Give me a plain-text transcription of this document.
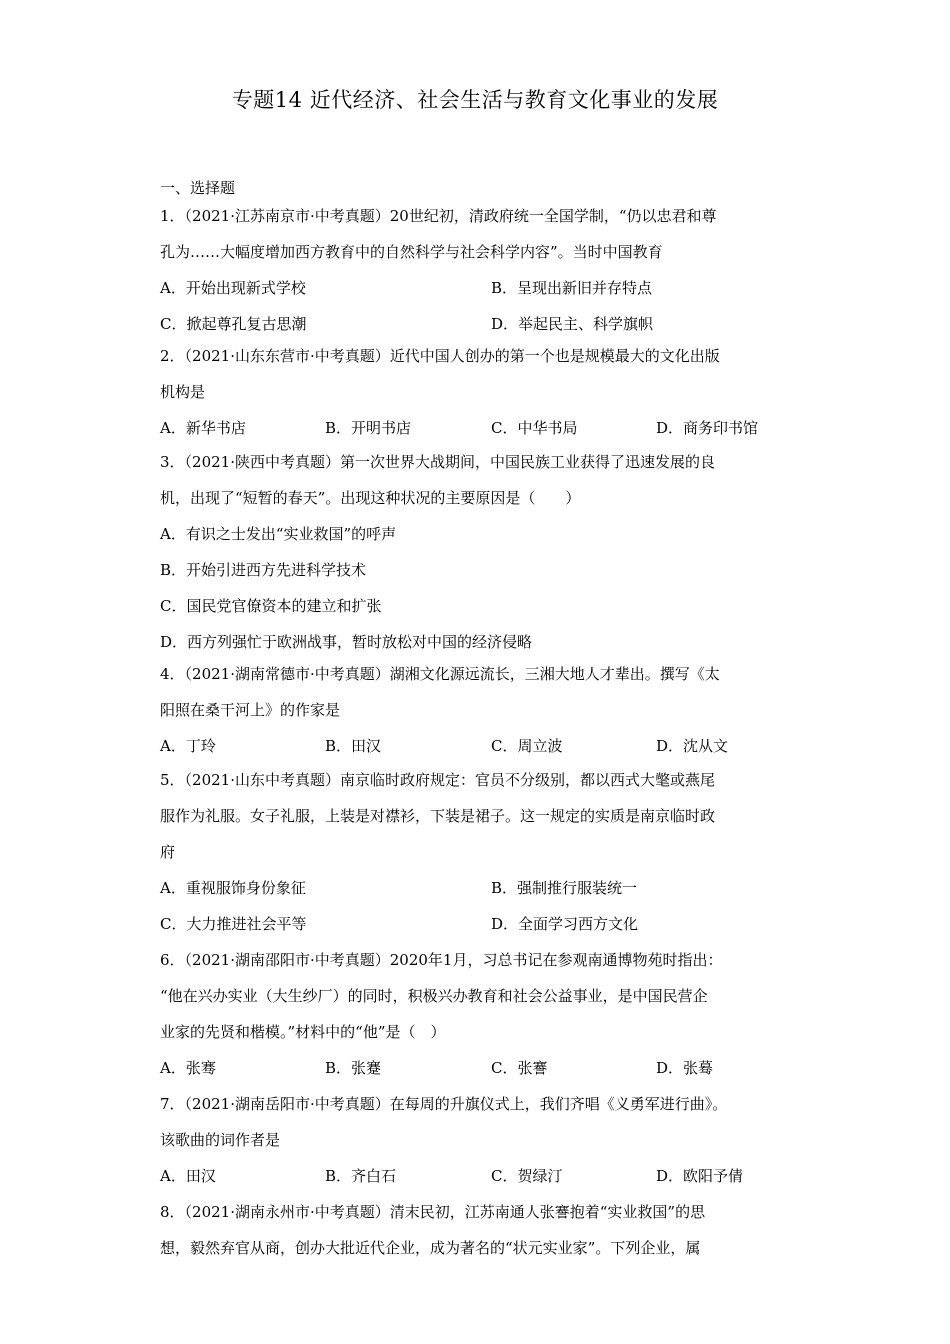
专题14 近代经济、社会生活与教育文化事业的发展
一、选择题
1．（2021·江苏南京市·中考真题）20世纪初，清政府统一全国学制，“仍以忠君和尊
孔为……大幅度增加西方教育中的自然科学与社会科学内容”。当时中国教育
A．开始出现新式学校	B．呈现出新旧并存特点
C．掀起尊孔复古思潮	D．举起民主、科学旗帜
2．（2021·山东东营市·中考真题）近代中国人创办的第一个也是规模最大的文化出版
机构是
A．新华书店	B．开明书店	C．中华书局	D．商务印书馆
3．（2021·陕西中考真题）第一次世界大战期间，中国民族工业获得了迅速发展的良
机，出现了“短暂的春天”。出现这种状况的主要原因是（　　）
A．有识之士发出“实业救国”的呼声
B．开始引进西方先进科学技术
C．国民党官僚资本的建立和扩张
D．西方列强忙于欧洲战事，暂时放松对中国的经济侵略
4．（2021·湖南常德市·中考真题）湖湘文化源远流长，三湘大地人才辈出。撰写《太
阳照在桑干河上》的作家是
A．丁玲	B．田汉	C．周立波	D．沈从文
5．（2021·山东中考真题）南京临时政府规定：官员不分级别，都以西式大氅或燕尾
服作为礼服。女子礼服，上装是对襟衫，下装是裙子。这一规定的实质是南京临时政
府
A．重视服饰身份象征	B．强制推行服装统一
C．大力推进社会平等	D．全面学习西方文化
6．（2021·湖南邵阳市·中考真题）2020年1月，习总书记在参观南通博物苑时指出：
“他在兴办实业（大生纱厂）的同时，积极兴办教育和社会公益事业，是中国民营企
业家的先贤和楷模。”材料中的“他”是（　）
A．张骞	B．张蹇	C．张謇	D．张蓦
7．（2021·湖南岳阳市·中考真题）在每周的升旗仪式上，我们齐唱《义勇军进行曲》。
该歌曲的词作者是
A．田汉	B．齐白石	C．贺绿汀	D．欧阳予倩
8．（2021·湖南永州市·中考真题）清末民初，江苏南通人张謇抱着“实业救国”的思
想，毅然弃官从商，创办大批近代企业，成为著名的“状元实业家”。下列企业，属
